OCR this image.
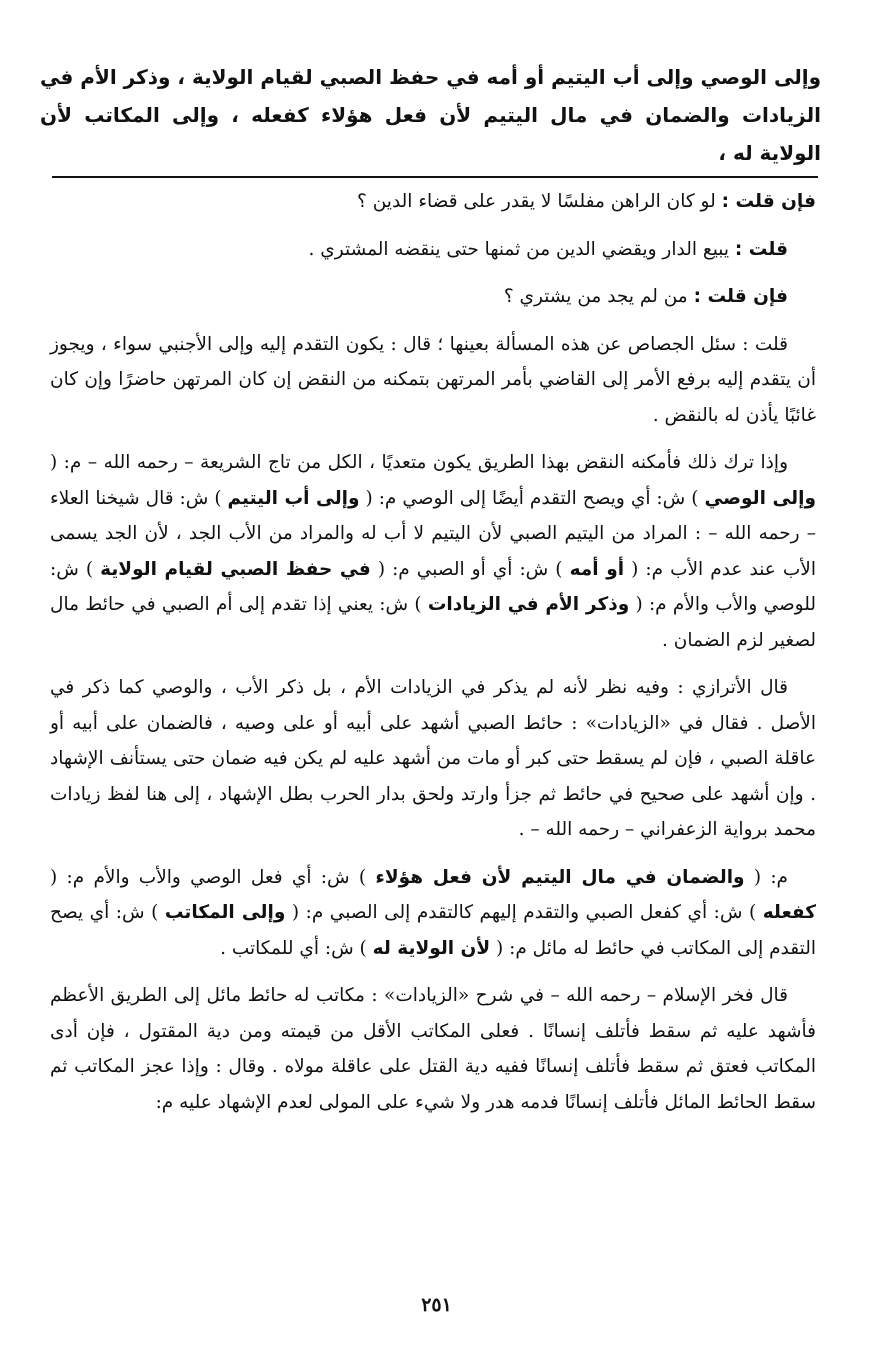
وإلى الوصي وإلى أب اليتيم أو أمه في حفظ الصبي لقيام الولاية ، وذكر الأم في الزيادات والضمان في مال اليتيم لأن فعل هؤلاء كفعله ، وإلى المكاتب لأن الولاية له ،

فإن قلت : لو كان الراهن مفلسًا لا يقدر على قضاء الدين ؟

قلت : يبيع الدار ويقضي الدين من ثمنها حتى ينقضه المشتري .

فإن قلت : من لم يجد من يشتري ؟

قلت : سئل الجصاص عن هذه المسألة بعينها ؛ قال : يكون التقدم إليه وإلى الأجنبي سواء ، ويجوز أن يتقدم إليه برفع الأمر إلى القاضي بأمر المرتهن بتمكنه من النقض إن كان المرتهن حاضرًا وإن كان غائبًا يأذن له بالنقض .

وإذا ترك ذلك فأمكنه النقض بهذا الطريق يكون متعديًا ، الكل من تاج الشريعة – رحمه الله – م: ( وإلى الوصي ) ش: أي ويصح التقدم أيضًا إلى الوصي م: ( وإلى أب اليتيم ) ش: قال شيخنا العلاء – رحمه الله – : المراد من اليتيم الصبي لأن اليتيم لا أب له والمراد من الأب الجد ، لأن الجد يسمى الأب عند عدم الأب م: ( أو أمه ) ش: أي أو الصبي م: ( في حفظ الصبي لقيام الولاية ) ش: للوصي والأب والأم م: ( وذكر الأم في الزيادات ) ش: يعني إذا تقدم إلى أم الصبي في حائط مال لصغير لزم الضمان .

قال الأترازي : وفيه نظر لأنه لم يذكر في الزيادات الأم ، بل ذكر الأب ، والوصي كما ذكر في الأصل . فقال في «الزيادات» : حائط الصبي أشهد على أبيه أو على وصيه ، فالضمان على أبيه أو عاقلة الصبي ، فإن لم يسقط حتى كبر أو مات من أشهد عليه لم يكن فيه ضمان حتى يستأنف الإشهاد . وإن أشهد على صحيح في حائط ثم جزأ وارتد ولحق بدار الحرب بطل الإشهاد ، إلى هنا لفظ زيادات محمد برواية الزعفراني – رحمه الله – .

م: ( والضمان في مال اليتيم لأن فعل هؤلاء ) ش: أي فعل الوصي والأب والأم م: ( كفعله ) ش: أي كفعل الصبي والتقدم إليهم كالتقدم إلى الصبي م: ( وإلى المكاتب ) ش: أي يصح التقدم إلى المكاتب في حائط له مائل م: ( لأن الولاية له ) ش: أي للمكاتب .

قال فخر الإسلام – رحمه الله – في شرح «الزيادات» : مكاتب له حائط مائل إلى الطريق الأعظم فأشهد عليه ثم سقط فأتلف إنسانًا . فعلى المكاتب الأقل من قيمته ومن دية المقتول ، فإن أدى المكاتب فعتق ثم سقط فأتلف إنسانًا ففيه دية القتل على عاقلة مولاه . وقال : وإذا عجز المكاتب ثم سقط الحائط المائل فأتلف إنسانًا فدمه هدر ولا شيء على المولى لعدم الإشهاد عليه م:

٢٥١
